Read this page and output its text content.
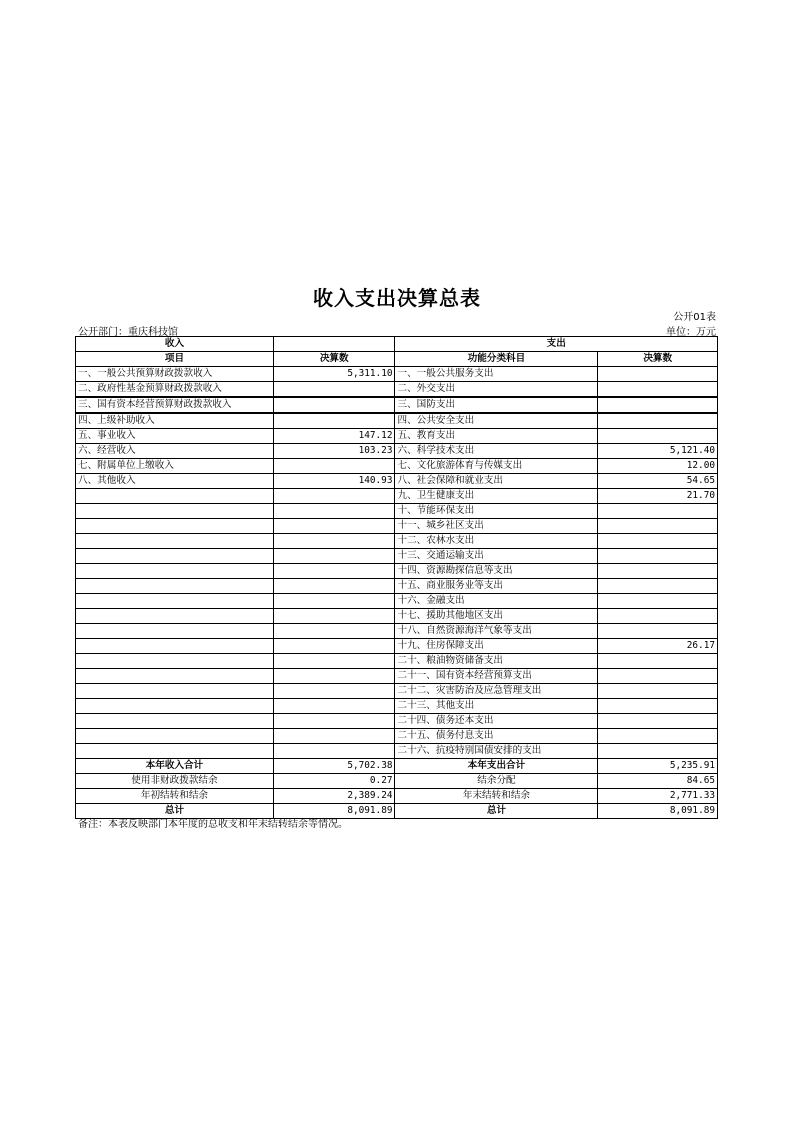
收入支出决算总表
公开01表
公开部门：重庆科技馆	单位：万元
收入		支出	
项目	决算数	功能分类科目	决算数
一、一般公共预算财政拨款收入	5,311.10	一、一般公共服务支出	
二、政府性基金预算财政拨款收入		二、外交支出	
三、国有资本经营预算财政拨款收入		三、国防支出	
四、上级补助收入		四、公共安全支出	
五、事业收入	147.12	五、教育支出	
六、经营收入	103.23	六、科学技术支出	5,121.40
七、附属单位上缴收入		七、文化旅游体育与传媒支出	12.00
八、其他收入	140.93	八、社会保障和就业支出	54.65
		九、卫生健康支出	21.70
		十、节能环保支出	
		十一、城乡社区支出	
		十二、农林水支出	
		十三、交通运输支出	
		十四、资源勘探信息等支出	
		十五、商业服务业等支出	
		十六、金融支出	
		十七、援助其他地区支出	
		十八、自然资源海洋气象等支出	
		十九、住房保障支出	26.17
		二十、粮油物资储备支出	
		二十一、国有资本经营预算支出	
		二十二、灾害防治及应急管理支出	
		二十三、其他支出	
		二十四、债务还本支出	
		二十五、债务付息支出	
		二十六、抗疫特别国债安排的支出	
本年收入合计	5,702.38	本年支出合计	5,235.91
使用非财政拨款结余	0.27	结余分配	84.65
年初结转和结余	2,389.24	年末结转和结余	2,771.33
总计	8,091.89	总计	8,091.89
备注：本表反映部门本年度的总收支和年末结转结余等情况。
